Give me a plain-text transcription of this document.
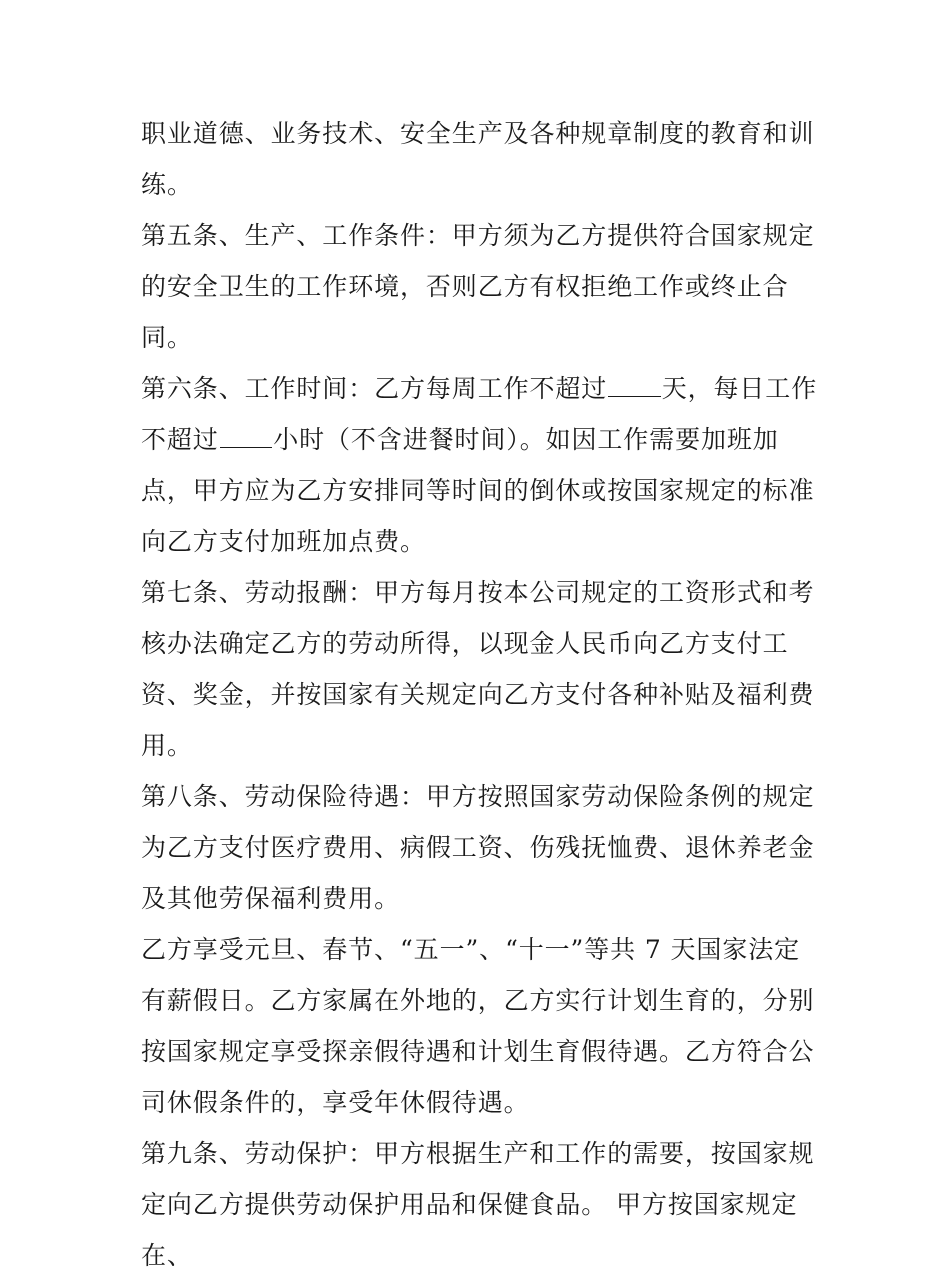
职业道德、业务技术、安全生产及各种规章制度的教育和训练。

第五条、生产、工作条件：甲方须为乙方提供符合国家规定的安全卫生的工作环境，否则乙方有权拒绝工作或终止合同。

第六条、工作时间：乙方每周工作不超过 天，每日工作不超过 小时（不含进餐时间）。如因工作需要加班加点，甲方应为乙方安排同等时间的倒休或按国家规定的标准向乙方支付加班加点费。

第七条、劳动报酬：甲方每月按本公司规定的工资形式和考核办法确定乙方的劳动所得，以现金人民币向乙方支付工资、奖金，并按国家有关规定向乙方支付各种补贴及福利费用。

第八条、劳动保险待遇：甲方按照国家劳动保险条例的规定为乙方支付医疗费用、病假工资、伤残抚恤费、退休养老金及其他劳保福利费用。

乙方享受元旦、春节、“五一”、“十一”等共 7 天国家法定有薪假日。乙方家属在外地的，乙方实行计划生育的，分别按国家规定享受探亲假待遇和计划生育假待遇。乙方符合公司休假条件的，享受年休假待遇。

第九条、劳动保护：甲方根据生产和工作的需要，按国家规定向乙方提供劳动保护用品和保健食品。 甲方按国家规定在、
